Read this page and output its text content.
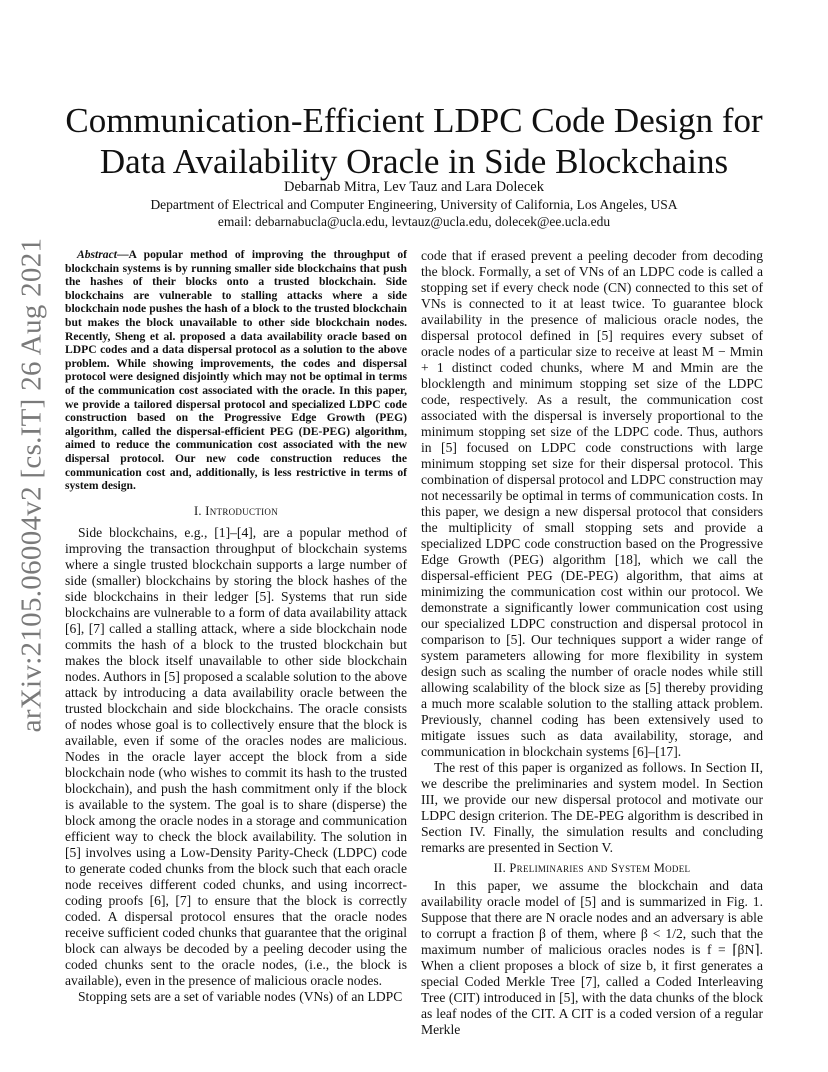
arXiv:2105.06004v2 [cs.IT] 26 Aug 2021
Communication-Efficient LDPC Code Design for
Data Availability Oracle in Side Blockchains
Debarnab Mitra, Lev Tauz and Lara Dolecek
Department of Electrical and Computer Engineering, University of California, Los Angeles, USA
email: debarnabucla@ucla.edu, levtauz@ucla.edu, dolecek@ee.ucla.edu

Abstract—A popular method of improving the throughput of blockchain systems is by running smaller side blockchains that push the hashes of their blocks onto a trusted blockchain. Side blockchains are vulnerable to stalling attacks where a side blockchain node pushes the hash of a block to the trusted blockchain but makes the block unavailable to other side blockchain nodes. Recently, Sheng et al. proposed a data availability oracle based on LDPC codes and a data dispersal protocol as a solution to the above problem. While showing improvements, the codes and dispersal protocol were designed disjointly which may not be optimal in terms of the communication cost associated with the oracle. In this paper, we provide a tailored dispersal protocol and specialized LDPC code construction based on the Progressive Edge Growth (PEG) algorithm, called the dispersal-efficient PEG (DE-PEG) algorithm, aimed to reduce the communication cost associated with the new dispersal protocol. Our new code construction reduces the communication cost and, additionally, is less restrictive in terms of system design.

I. Introduction

Side blockchains, e.g., [1]–[4], are a popular method of improving the transaction throughput of blockchain systems where a single trusted blockchain supports a large number of side (smaller) blockchains by storing the block hashes of the side blockchains in their ledger [5]. Systems that run side blockchains are vulnerable to a form of data availability attack [6], [7] called a stalling attack, where a side blockchain node commits the hash of a block to the trusted blockchain but makes the block itself unavailable to other side blockchain nodes. Authors in [5] proposed a scalable solution to the above attack by introducing a data availability oracle between the trusted blockchain and side blockchains. The oracle consists of nodes whose goal is to collectively ensure that the block is available, even if some of the oracles nodes are malicious. Nodes in the oracle layer accept the block from a side blockchain node (who wishes to commit its hash to the trusted blockchain), and push the hash commitment only if the block is available to the system. The goal is to share (disperse) the block among the oracle nodes in a storage and communication efficient way to check the block availability. The solution in [5] involves using a Low-Density Parity-Check (LDPC) code to generate coded chunks from the block such that each oracle node receives different coded chunks, and using incorrect-coding proofs [6], [7] to ensure that the block is correctly coded. A dispersal protocol ensures that the oracle nodes receive sufficient coded chunks that guarantee that the original block can always be decoded by a peeling decoder using the coded chunks sent to the oracle nodes, (i.e., the block is available), even in the presence of malicious oracle nodes.

Stopping sets are a set of variable nodes (VNs) of an LDPC

code that if erased prevent a peeling decoder from decoding the block. Formally, a set of VNs of an LDPC code is called a stopping set if every check node (CN) connected to this set of VNs is connected to it at least twice. To guarantee block availability in the presence of malicious oracle nodes, the dispersal protocol defined in [5] requires every subset of oracle nodes of a particular size to receive at least M − Mmin + 1 distinct coded chunks, where M and Mmin are the blocklength and minimum stopping set size of the LDPC code, respectively. As a result, the communication cost associated with the dispersal is inversely proportional to the minimum stopping set size of the LDPC code. Thus, authors in [5] focused on LDPC code constructions with large minimum stopping set size for their dispersal protocol. This combination of dispersal protocol and LDPC construction may not necessarily be optimal in terms of communication costs. In this paper, we design a new dispersal protocol that considers the multiplicity of small stopping sets and provide a specialized LDPC code construction based on the Progressive Edge Growth (PEG) algorithm [18], which we call the dispersal-efficient PEG (DE-PEG) algorithm, that aims at minimizing the communication cost within our protocol. We demonstrate a significantly lower communication cost using our specialized LDPC construction and dispersal protocol in comparison to [5]. Our techniques support a wider range of system parameters allowing for more flexibility in system design such as scaling the number of oracle nodes while still allowing scalability of the block size as [5] thereby providing a much more scalable solution to the stalling attack problem. Previously, channel coding has been extensively used to mitigate issues such as data availability, storage, and communication in blockchain systems [6]–[17].

The rest of this paper is organized as follows. In Section II, we describe the preliminaries and system model. In Section III, we provide our new dispersal protocol and motivate our LDPC design criterion. The DE-PEG algorithm is described in Section IV. Finally, the simulation results and concluding remarks are presented in Section V.

II. Preliminaries and System Model

In this paper, we assume the blockchain and data availability oracle model of [5] and is summarized in Fig. 1. Suppose that there are N oracle nodes and an adversary is able to corrupt a fraction β of them, where β < 1/2, such that the maximum number of malicious oracles nodes is f = ⌈βN⌉. When a client proposes a block of size b, it first generates a special Coded Merkle Tree [7], called a Coded Interleaving Tree (CIT) introduced in [5], with the data chunks of the block as leaf nodes of the CIT. A CIT is a coded version of a regular Merkle
